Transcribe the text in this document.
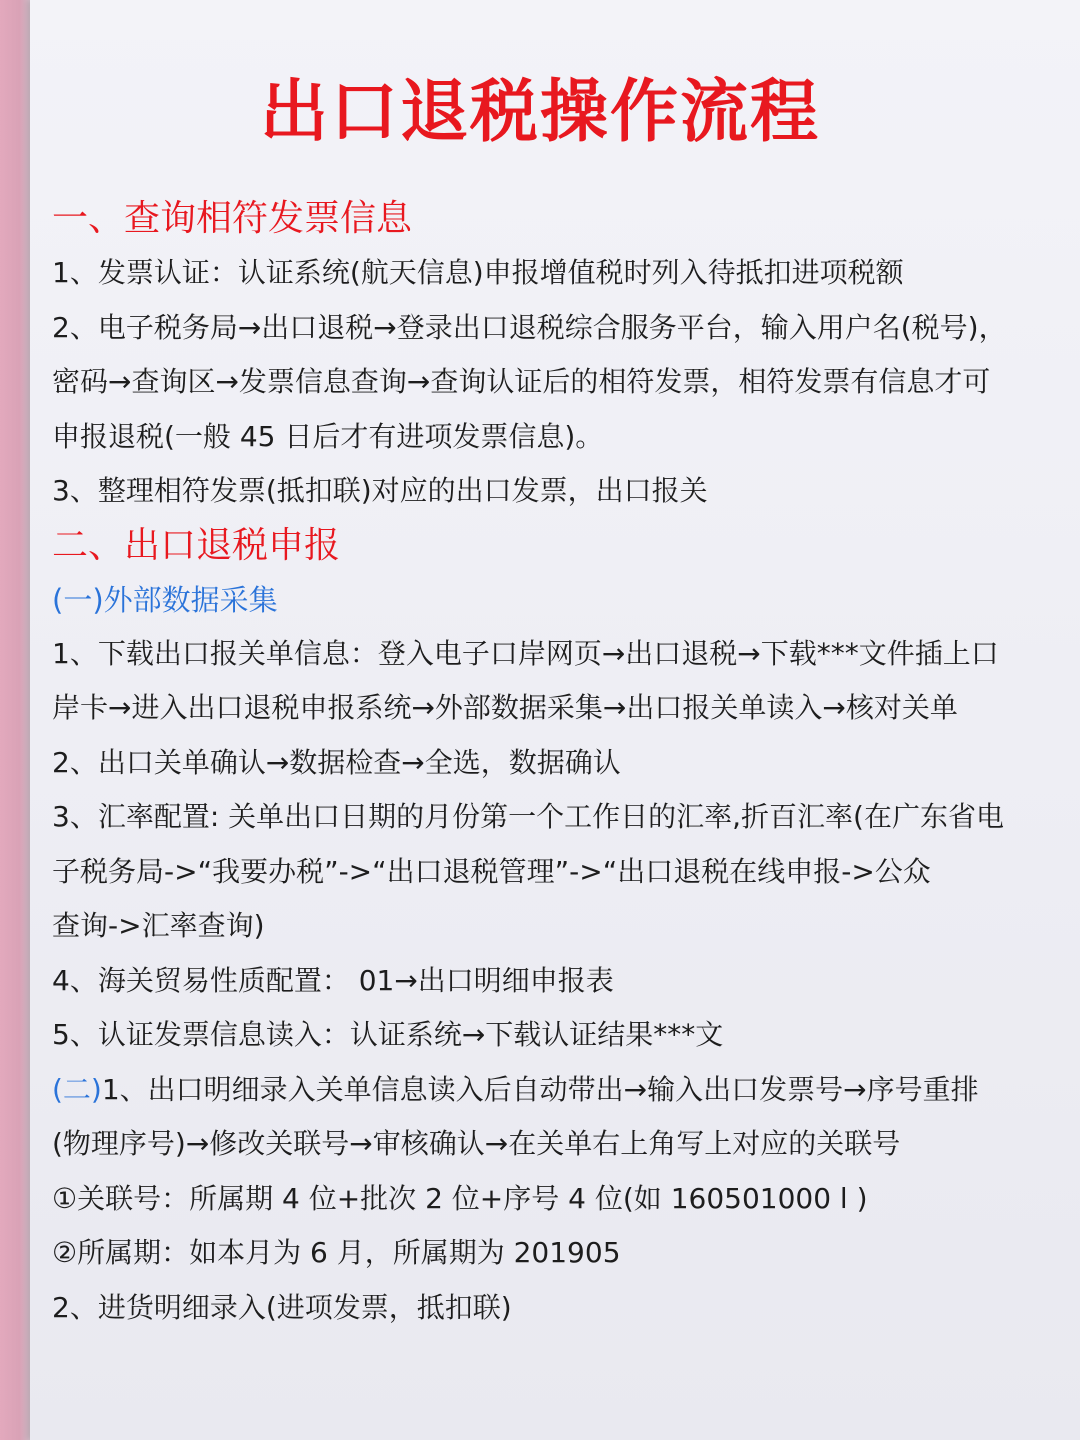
出口退税操作流程
一、查询相符发票信息
1、发票认证：认证系统(航天信息)申报增值税时列入待抵扣进项税额
2、电子税务局→出口退税→登录出口退税综合服务平台，输入用户名(税号)，
密码→查询区→发票信息查询→查询认证后的相符发票，相符发票有信息才可
申报退税(一般 45 日后才有进项发票信息)。
3、整理相符发票(抵扣联)对应的出口发票，出口报关
二、出口退税申报
(一)外部数据采集
1、下载出口报关单信息：登入电子口岸网页→出口退税→下载***文件插上口
岸卡→进入出口退税申报系统→外部数据采集→出口报关单读入→核对关单
2、出口关单确认→数据检查→全选，数据确认
3、汇率配置: 关单出口日期的月份第一个工作日的汇率,折百汇率(在广东省电
子税务局->“我要办税”->“出口退税管理”->“出口退税在线申报->公众
查询->汇率查询)
4、海关贸易性质配置： 01→出口明细申报表
5、认证发票信息读入：认证系统→下载认证结果***文
(二)1、出口明细录入关单信息读入后自动带出→输入出口发票号→序号重排
(物理序号)→修改关联号→审核确认→在关单右上角写上对应的关联号
①关联号：所属期 4 位+批次 2 位+序号 4 位(如 160501000 l )
②所属期：如本月为 6 月，所属期为 201905
2、进货明细录入(进项发票，抵扣联)
